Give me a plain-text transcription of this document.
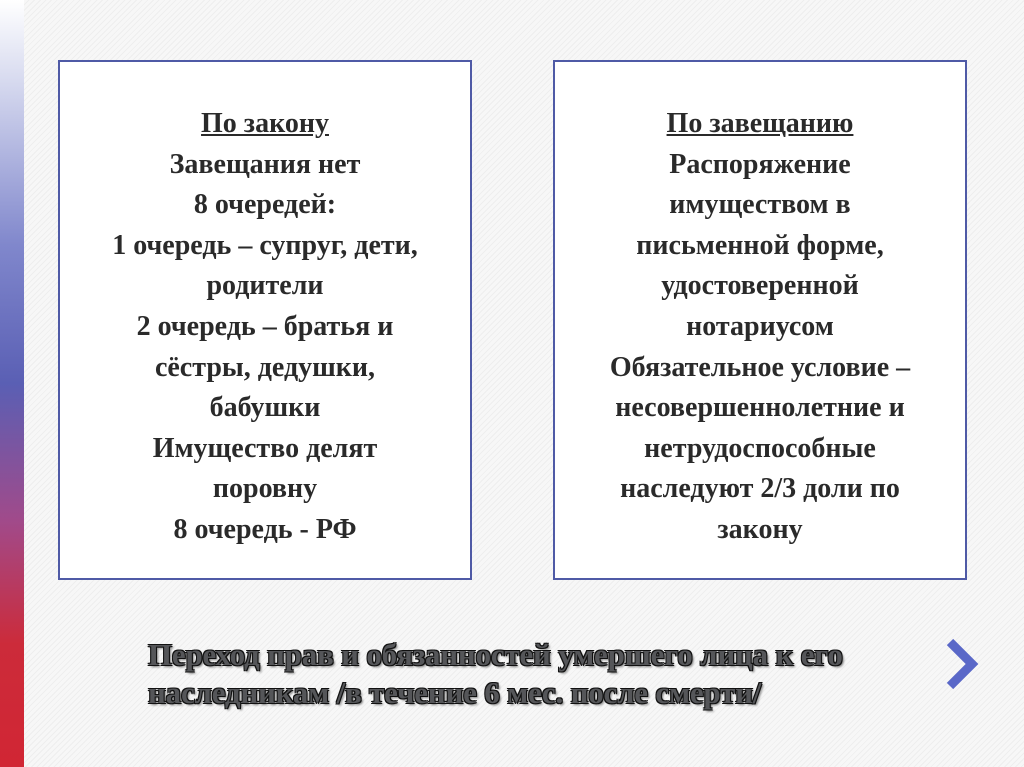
По закону
Завещания нет
8 очередей:
1 очередь – супруг, дети,
родители
2 очередь – братья и
сёстры, дедушки,
бабушки
Имущество делят
поровну
8 очередь - РФ
По завещанию
Распоряжение
имуществом в
письменной форме,
удостоверенной
нотариусом
Обязательное условие –
несовершеннолетние и
нетрудоспособные
наследуют 2/3 доли по
закону
Переход прав и обязанностей умершего лица к его
наследникам /в течение 6 мес. после смерти/
